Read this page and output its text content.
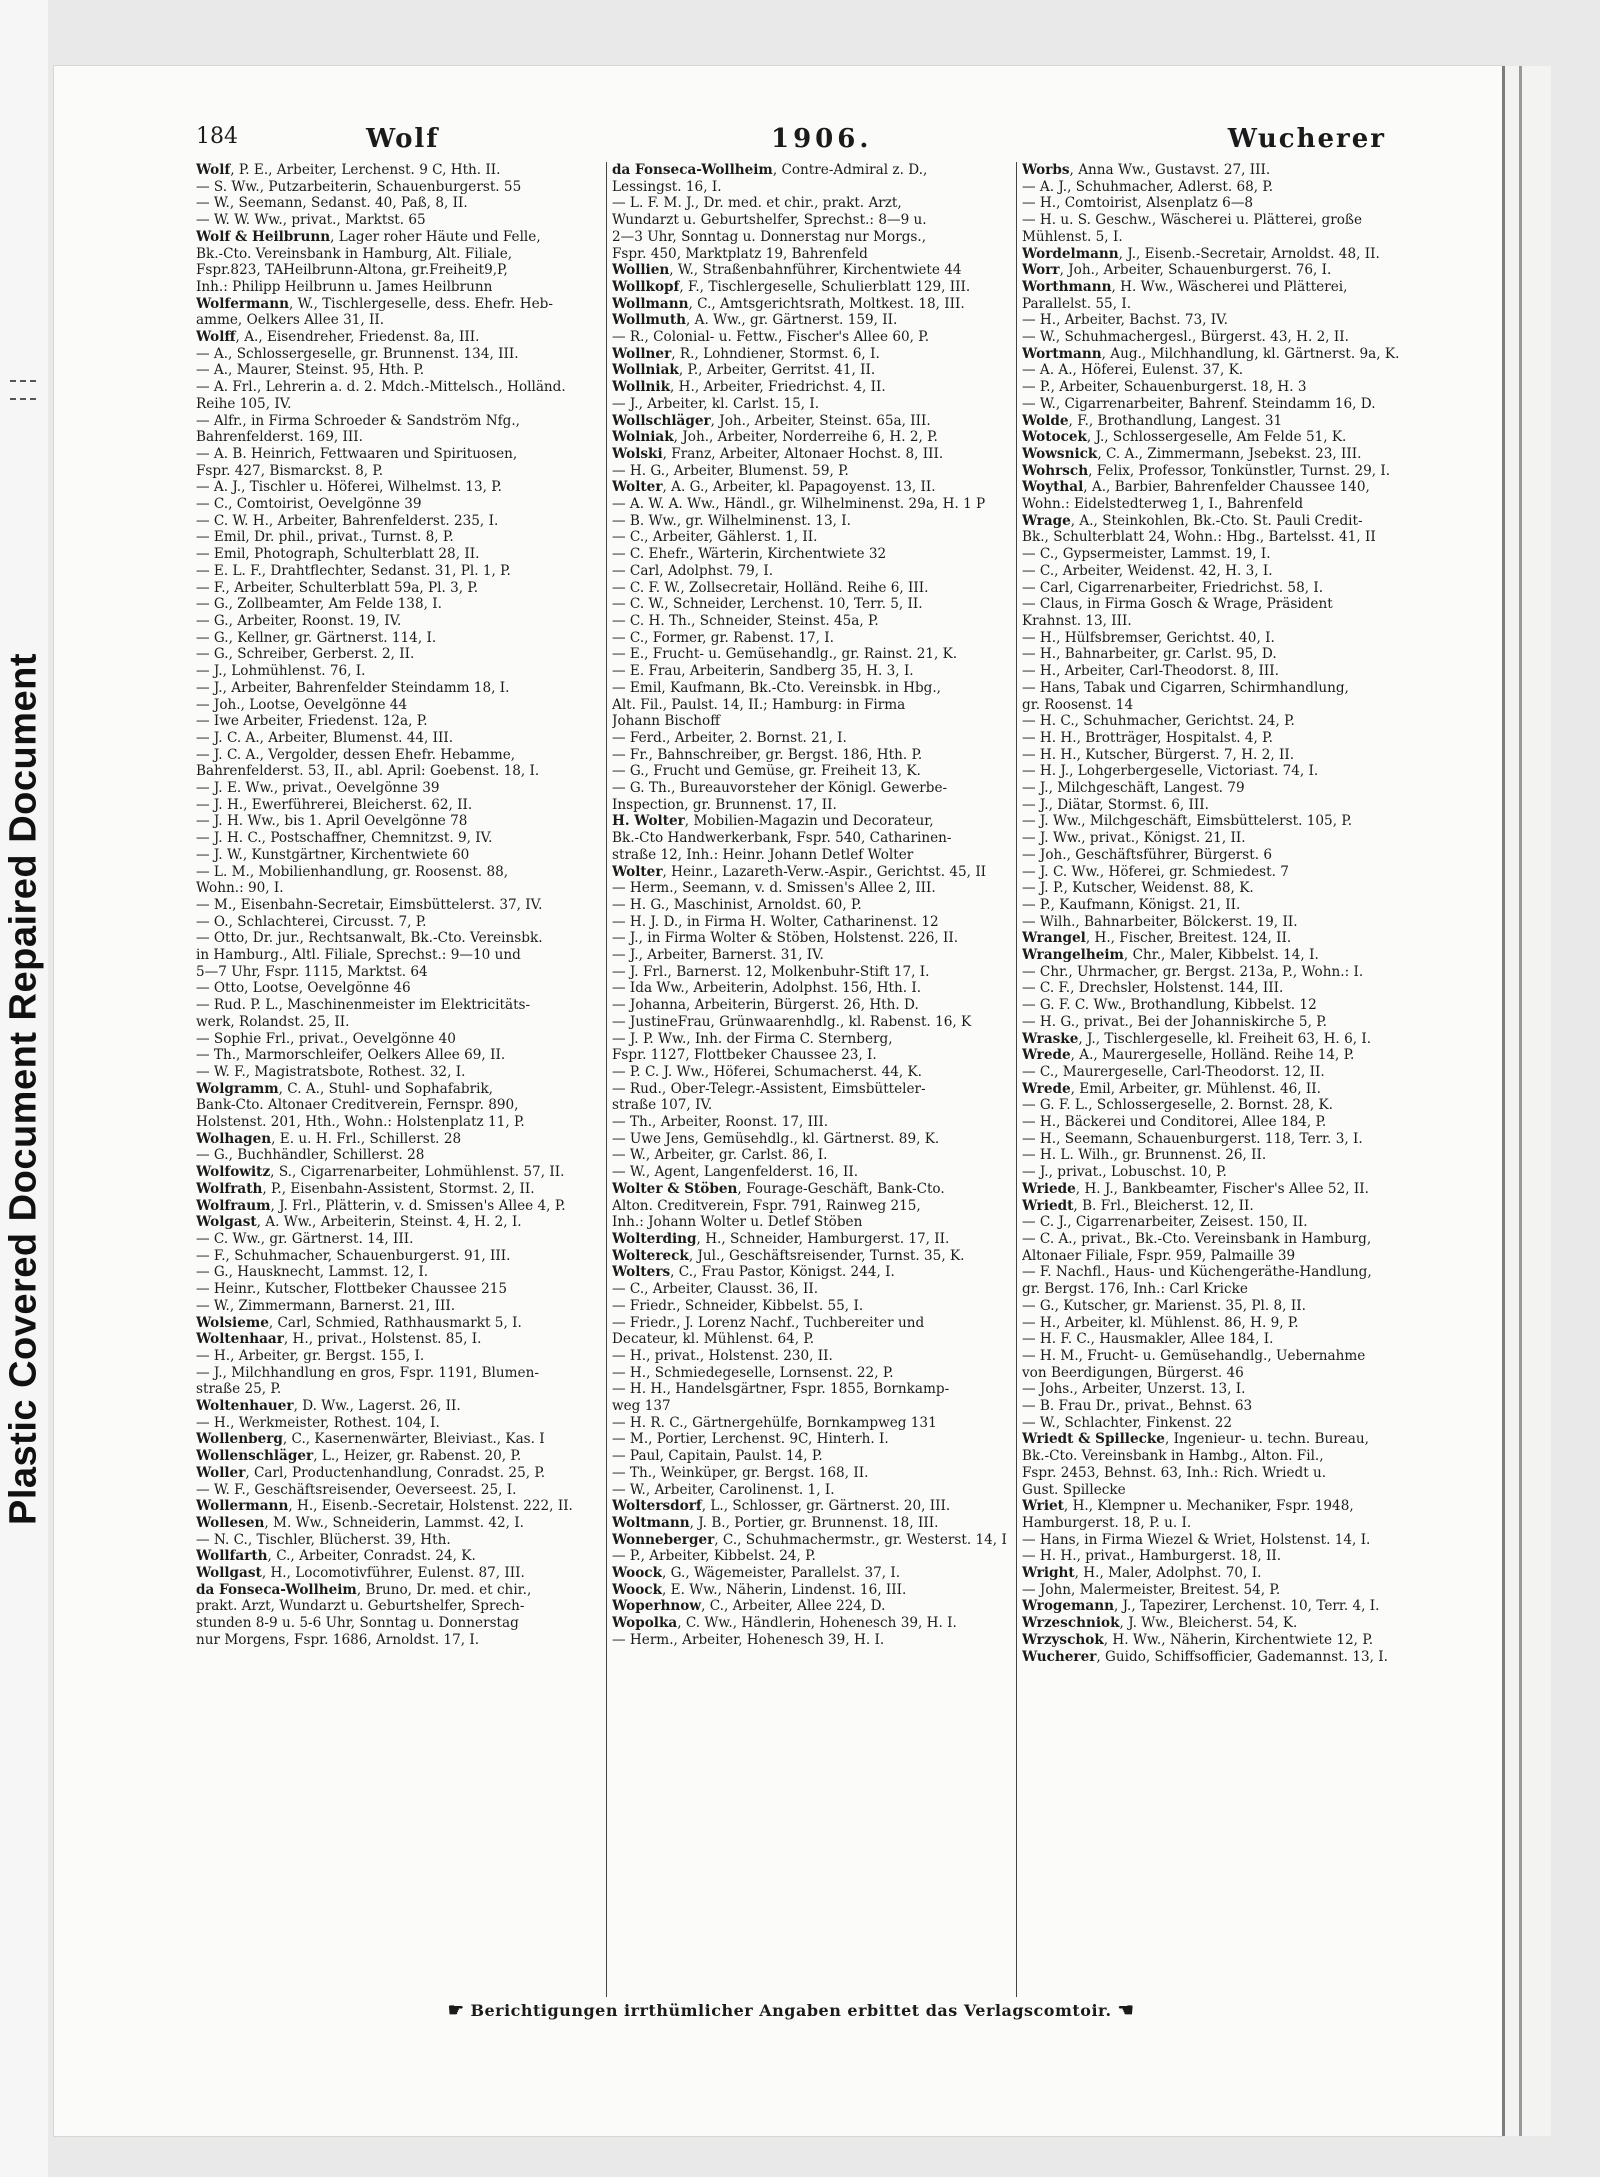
Plastic Covered Document Repaired Document
184	Wolf	1906.	Wucherer
Wolf, P. E., Arbeiter, Lerchenst. 9 C, Hth. II.
— S. Ww., Putzarbeiterin, Schauenburgerst. 55
— W., Seemann, Sedanst. 40, Paß, 8, II.
— W. W. Ww., privat., Marktst. 65
Wolf & Heilbrunn, Lager roher Häute und Felle,
Bk.-Cto. Vereinsbank in Hamburg, Alt. Filiale,
Fspr.823, TAHeilbrunn-Altona, gr.Freiheit9,P,
Inh.: Philipp Heilbrunn u. James Heilbrunn
Wolfermann, W., Tischlergeselle, dess. Ehefr. Heb-
amme, Oelkers Allee 31, II.
Wolff, A., Eisendreher, Friedenst. 8a, III.
— A., Schlossergeselle, gr. Brunnenst. 134, III.
— A., Maurer, Steinst. 95, Hth. P.
— A. Frl., Lehrerin a. d. 2. Mdch.-Mittelsch., Holländ.
Reihe 105, IV.
— Alfr., in Firma Schroeder & Sandström Nfg.,
Bahrenfelderst. 169, III.
— A. B. Heinrich, Fettwaaren und Spirituosen,
Fspr. 427, Bismarckst. 8, P.
— A. J., Tischler u. Höferei, Wilhelmst. 13, P.
— C., Comtoirist, Oevelgönne 39
— C. W. H., Arbeiter, Bahrenfelderst. 235, I.
— Emil, Dr. phil., privat., Turnst. 8, P.
— Emil, Photograph, Schulterblatt 28, II.
— E. L. F., Drahtflechter, Sedanst. 31, Pl. 1, P.
— F., Arbeiter, Schulterblatt 59a, Pl. 3, P.
— G., Zollbeamter, Am Felde 138, I.
— G., Arbeiter, Roonst. 19, IV.
— G., Kellner, gr. Gärtnerst. 114, I.
— G., Schreiber, Gerberst. 2, II.
— J., Lohmühlenst. 76, I.
— J., Arbeiter, Bahrenfelder Steindamm 18, I.
— Joh., Lootse, Oevelgönne 44
— Iwe Arbeiter, Friedenst. 12a, P.
— J. C. A., Arbeiter, Blumenst. 44, III.
— J. C. A., Vergolder, dessen Ehefr. Hebamme,
Bahrenfelderst. 53, II., abl. April: Goebenst. 18, I.
— J. E. Ww., privat., Oevelgönne 39
— J. H., Ewerführerei, Bleicherst. 62, II.
— J. H. Ww., bis 1. April Oevelgönne 78
— J. H. C., Postschaffner, Chemnitzst. 9, IV.
— J. W., Kunstgärtner, Kirchentwiete 60
— L. M., Mobilienhandlung, gr. Roosenst. 88,
Wohn.: 90, I.
— M., Eisenbahn-Secretair, Eimsbüttelerst. 37, IV.
— O., Schlachterei, Circusst. 7, P.
— Otto, Dr. jur., Rechtsanwalt, Bk.-Cto. Vereinsbk.
in Hamburg., Altl. Filiale, Sprechst.: 9—10 und
5—7 Uhr, Fspr. 1115, Marktst. 64
— Otto, Lootse, Oevelgönne 46
— Rud. P. L., Maschinenmeister im Elektricitäts-
werk, Rolandst. 25, II.
— Sophie Frl., privat., Oevelgönne 40
— Th., Marmorschleifer, Oelkers Allee 69, II.
— W. F., Magistratsbote, Rothest. 32, I.
Wolgramm, C. A., Stuhl- und Sophafabrik,
Bank-Cto. Altonaer Creditverein, Fernspr. 890,
Holstenst. 201, Hth., Wohn.: Holstenplatz 11, P.
Wolhagen, E. u. H. Frl., Schillerst. 28
— G., Buchhändler, Schillerst. 28
Wolfowitz, S., Cigarrenarbeiter, Lohmühlenst. 57, II.
Wolfrath, P., Eisenbahn-Assistent, Stormst. 2, II.
Wolfraum, J. Frl., Plätterin, v. d. Smissen's Allee 4, P.
Wolgast, A. Ww., Arbeiterin, Steinst. 4, H. 2, I.
— C. Ww., gr. Gärtnerst. 14, III.
— F., Schuhmacher, Schauenburgerst. 91, III.
— G., Hausknecht, Lammst. 12, I.
— Heinr., Kutscher, Flottbeker Chaussee 215
— W., Zimmermann, Barnerst. 21, III.
Wolsieme, Carl, Schmied, Rathhausmarkt 5, I.
Woltenhaar, H., privat., Holstenst. 85, I.
— H., Arbeiter, gr. Bergst. 155, I.
— J., Milchhandlung en gros, Fspr. 1191, Blumen-
straße 25, P.
Woltenhauer, D. Ww., Lagerst. 26, II.
— H., Werkmeister, Rothest. 104, I.
Wollenberg, C., Kasernenwärter, Bleiviast., Kas. I
Wollenschläger, L., Heizer, gr. Rabenst. 20, P.
Woller, Carl, Productenhandlung, Conradst. 25, P.
— W. F., Geschäftsreisender, Oeverseest. 25, I.
Wollermann, H., Eisenb.-Secretair, Holstenst. 222, II.
Wollesen, M. Ww., Schneiderin, Lammst. 42, I.
— N. C., Tischler, Blücherst. 39, Hth.
Wollfarth, C., Arbeiter, Conradst. 24, K.
Wollgast, H., Locomotivführer, Eulenst. 87, III.
da Fonseca-Wollheim, Bruno, Dr. med. et chir.,
prakt. Arzt, Wundarzt u. Geburtshelfer, Sprech-
stunden 8-9 u. 5-6 Uhr, Sonntag u. Donnerstag
nur Morgens, Fspr. 1686, Arnoldst. 17, I.
da Fonseca-Wollheim, Contre-Admiral z. D.,
Lessingst. 16, I.
— L. F. M. J., Dr. med. et chir., prakt. Arzt,
Wundarzt u. Geburtshelfer, Sprechst.: 8—9 u.
2—3 Uhr, Sonntag u. Donnerstag nur Morgs.,
Fspr. 450, Marktplatz 19, Bahrenfeld
Wollien, W., Straßenbahnführer, Kirchentwiete 44
Wollkopf, F., Tischlergeselle, Schulierblatt 129, III.
Wollmann, C., Amtsgerichtsrath, Moltkest. 18, III.
Wollmuth, A. Ww., gr. Gärtnerst. 159, II.
— R., Colonial- u. Fettw., Fischer's Allee 60, P.
Wollner, R., Lohndiener, Stormst. 6, I.
Wollniak, P., Arbeiter, Gerritst. 41, II.
Wollnik, H., Arbeiter, Friedrichst. 4, II.
— J., Arbeiter, kl. Carlst. 15, I.
Wollschläger, Joh., Arbeiter, Steinst. 65a, III.
Wolniak, Joh., Arbeiter, Norderreihe 6, H. 2, P.
Wolski, Franz, Arbeiter, Altonaer Hochst. 8, III.
— H. G., Arbeiter, Blumenst. 59, P.
Wolter, A. G., Arbeiter, kl. Papagoyenst. 13, II.
— A. W. A. Ww., Händl., gr. Wilhelminenst. 29a, H. 1 P
— B. Ww., gr. Wilhelminenst. 13, I.
— C., Arbeiter, Gählerst. 1, II.
— C. Ehefr., Wärterin, Kirchentwiete 32
— Carl, Adolphst. 79, I.
— C. F. W., Zollsecretair, Holländ. Reihe 6, III.
— C. W., Schneider, Lerchenst. 10, Terr. 5, II.
— C. H. Th., Schneider, Steinst. 45a, P.
— C., Former, gr. Rabenst. 17, I.
— E., Frucht- u. Gemüsehandlg., gr. Rainst. 21, K.
— E. Frau, Arbeiterin, Sandberg 35, H. 3, I.
— Emil, Kaufmann, Bk.-Cto. Vereinsbk. in Hbg.,
Alt. Fil., Paulst. 14, II.; Hamburg: in Firma
Johann Bischoff
— Ferd., Arbeiter, 2. Bornst. 21, I.
— Fr., Bahnschreiber, gr. Bergst. 186, Hth. P.
— G., Frucht und Gemüse, gr. Freiheit 13, K.
— G. Th., Bureauvorsteher der Königl. Gewerbe-
Inspection, gr. Brunnenst. 17, II.
H. Wolter, Mobilien-Magazin und Decorateur,
Bk.-Cto Handwerkerbank, Fspr. 540, Catharinen-
straße 12, Inh.: Heinr. Johann Detlef Wolter
Wolter, Heinr., Lazareth-Verw.-Aspir., Gerichtst. 45, II
— Herm., Seemann, v. d. Smissen's Allee 2, III.
— H. G., Maschinist, Arnoldst. 60, P.
— H. J. D., in Firma H. Wolter, Catharinenst. 12
— J., in Firma Wolter & Stöben, Holstenst. 226, II.
— J., Arbeiter, Barnerst. 31, IV.
— J. Frl., Barnerst. 12, Molkenbuhr-Stift 17, I.
— Ida Ww., Arbeiterin, Adolphst. 156, Hth. I.
— Johanna, Arbeiterin, Bürgerst. 26, Hth. D.
— JustineFrau, Grünwaarenhdlg., kl. Rabenst. 16, K
— J. P. Ww., Inh. der Firma C. Sternberg,
Fspr. 1127, Flottbeker Chaussee 23, I.
— P. C. J. Ww., Höferei, Schumacherst. 44, K.
— Rud., Ober-Telegr.-Assistent, Eimsbütteler-
straße 107, IV.
— Th., Arbeiter, Roonst. 17, III.
— Uwe Jens, Gemüsehdlg., kl. Gärtnerst. 89, K.
— W., Arbeiter, gr. Carlst. 86, I.
— W., Agent, Langenfelderst. 16, II.
Wolter & Stöben, Fourage-Geschäft, Bank-Cto.
Alton. Creditverein, Fspr. 791, Rainweg 215,
Inh.: Johann Wolter u. Detlef Stöben
Wolterding, H., Schneider, Hamburgerst. 17, II.
Woltereck, Jul., Geschäftsreisender, Turnst. 35, K.
Wolters, C., Frau Pastor, Königst. 244, I.
— C., Arbeiter, Clausst. 36, II.
— Friedr., Schneider, Kibbelst. 55, I.
— Friedr., J. Lorenz Nachf., Tuchbereiter und
Decateur, kl. Mühlenst. 64, P.
— H., privat., Holstenst. 230, II.
— H., Schmiedegeselle, Lornsenst. 22, P.
— H. H., Handelsgärtner, Fspr. 1855, Bornkamp-
weg 137
— H. R. C., Gärtnergehülfe, Bornkampweg 131
— M., Portier, Lerchenst. 9C, Hinterh. I.
— Paul, Capitain, Paulst. 14, P.
— Th., Weinküper, gr. Bergst. 168, II.
— W., Arbeiter, Carolinenst. 1, I.
Woltersdorf, L., Schlosser, gr. Gärtnerst. 20, III.
Woltmann, J. B., Portier, gr. Brunnenst. 18, III.
Wonneberger, C., Schuhmachermstr., gr. Westerst. 14, I
— P., Arbeiter, Kibbelst. 24, P.
Woock, G., Wägemeister, Parallelst. 37, I.
Woock, E. Ww., Näherin, Lindenst. 16, III.
Woperhnow, C., Arbeiter, Allee 224, D.
Wopolka, C. Ww., Händlerin, Hohenesch 39, H. I.
— Herm., Arbeiter, Hohenesch 39, H. I.
Worbs, Anna Ww., Gustavst. 27, III.
— A. J., Schuhmacher, Adlerst. 68, P.
— H., Comtoirist, Alsenplatz 6—8
— H. u. S. Geschw., Wäscherei u. Plätterei, große
Mühlenst. 5, I.
Wordelmann, J., Eisenb.-Secretair, Arnoldst. 48, II.
Worr, Joh., Arbeiter, Schauenburgerst. 76, I.
Worthmann, H. Ww., Wäscherei und Plätterei,
Parallelst. 55, I.
— H., Arbeiter, Bachst. 73, IV.
— W., Schuhmachergesl., Bürgerst. 43, H. 2, II.
Wortmann, Aug., Milchhandlung, kl. Gärtnerst. 9a, K.
— A. A., Höferei, Eulenst. 37, K.
— P., Arbeiter, Schauenburgerst. 18, H. 3
— W., Cigarrenarbeiter, Bahrenf. Steindamm 16, D.
Wolde, F., Brothandlung, Langest. 31
Wotocek, J., Schlossergeselle, Am Felde 51, K.
Wowsnick, C. A., Zimmermann, Jsebekst. 23, III.
Wohrsch, Felix, Professor, Tonkünstler, Turnst. 29, I.
Woythal, A., Barbier, Bahrenfelder Chaussee 140,
Wohn.: Eidelstedterweg 1, I., Bahrenfeld
Wrage, A., Steinkohlen, Bk.-Cto. St. Pauli Credit-
Bk., Schulterblatt 24, Wohn.: Hbg., Bartelsst. 41, II
— C., Gypsermeister, Lammst. 19, I.
— C., Arbeiter, Weidenst. 42, H. 3, I.
— Carl, Cigarrenarbeiter, Friedrichst. 58, I.
— Claus, in Firma Gosch & Wrage, Präsident
Krahnst. 13, III.
— H., Hülfsbremser, Gerichtst. 40, I.
— H., Bahnarbeiter, gr. Carlst. 95, D.
— H., Arbeiter, Carl-Theodorst. 8, III.
— Hans, Tabak und Cigarren, Schirmhandlung,
gr. Roosenst. 14
— H. C., Schuhmacher, Gerichtst. 24, P.
— H. H., Brotträger, Hospitalst. 4, P.
— H. H., Kutscher, Bürgerst. 7, H. 2, II.
— H. J., Lohgerbergeselle, Victoriast. 74, I.
— J., Milchgeschäft, Langest. 79
— J., Diätar, Stormst. 6, III.
— J. Ww., Milchgeschäft, Eimsbüttelerst. 105, P.
— J. Ww., privat., Königst. 21, II.
— Joh., Geschäftsführer, Bürgerst. 6
— J. C. Ww., Höferei, gr. Schmiedest. 7
— J. P., Kutscher, Weidenst. 88, K.
— P., Kaufmann, Königst. 21, II.
— Wilh., Bahnarbeiter, Bölckerst. 19, II.
Wrangel, H., Fischer, Breitest. 124, II.
Wrangelheim, Chr., Maler, Kibbelst. 14, I.
— Chr., Uhrmacher, gr. Bergst. 213a, P., Wohn.: I.
— C. F., Drechsler, Holstenst. 144, III.
— G. F. C. Ww., Brothandlung, Kibbelst. 12
— H. G., privat., Bei der Johanniskirche 5, P.
Wraske, J., Tischlergeselle, kl. Freiheit 63, H. 6, I.
Wrede, A., Maurergeselle, Holländ. Reihe 14, P.
— C., Maurergeselle, Carl-Theodorst. 12, II.
Wrede, Emil, Arbeiter, gr. Mühlenst. 46, II.
— G. F. L., Schlossergeselle, 2. Bornst. 28, K.
— H., Bäckerei und Conditorei, Allee 184, P.
— H., Seemann, Schauenburgerst. 118, Terr. 3, I.
— H. L. Wilh., gr. Brunnenst. 26, II.
— J., privat., Lobuschst. 10, P.
Wriede, H. J., Bankbeamter, Fischer's Allee 52, II.
Wriedt, B. Frl., Bleicherst. 12, II.
— C. J., Cigarrenarbeiter, Zeisest. 150, II.
— C. A., privat., Bk.-Cto. Vereinsbank in Hamburg,
Altonaer Filiale, Fspr. 959, Palmaille 39
— F. Nachfl., Haus- und Küchengeräthe-Handlung,
gr. Bergst. 176, Inh.: Carl Kricke
— G., Kutscher, gr. Marienst. 35, Pl. 8, II.
— H., Arbeiter, kl. Mühlenst. 86, H. 9, P.
— H. F. C., Hausmakler, Allee 184, I.
— H. M., Frucht- u. Gemüsehandlg., Uebernahme
von Beerdigungen, Bürgerst. 46
— Johs., Arbeiter, Unzerst. 13, I.
— B. Frau Dr., privat., Behnst. 63
— W., Schlachter, Finkenst. 22
Wriedt & Spillecke, Ingenieur- u. techn. Bureau,
Bk.-Cto. Vereinsbank in Hambg., Alton. Fil.,
Fspr. 2453, Behnst. 63, Inh.: Rich. Wriedt u.
Gust. Spillecke
Wriet, H., Klempner u. Mechaniker, Fspr. 1948,
Hamburgerst. 18, P. u. I.
— Hans, in Firma Wiezel & Wriet, Holstenst. 14, I.
— H. H., privat., Hamburgerst. 18, II.
Wright, H., Maler, Adolphst. 70, I.
— John, Malermeister, Breitest. 54, P.
Wrogemann, J., Tapezirer, Lerchenst. 10, Terr. 4, I.
Wrzeschniok, J. Ww., Bleicherst. 54, K.
Wrzyschok, H. Ww., Näherin, Kirchentwiete 12, P.
Wucherer, Guido, Schiffsofficier, Gademannst. 13, I.
☛ Berichtigungen irrthümlicher Angaben erbittet das Verlagscomtoir. ☚
